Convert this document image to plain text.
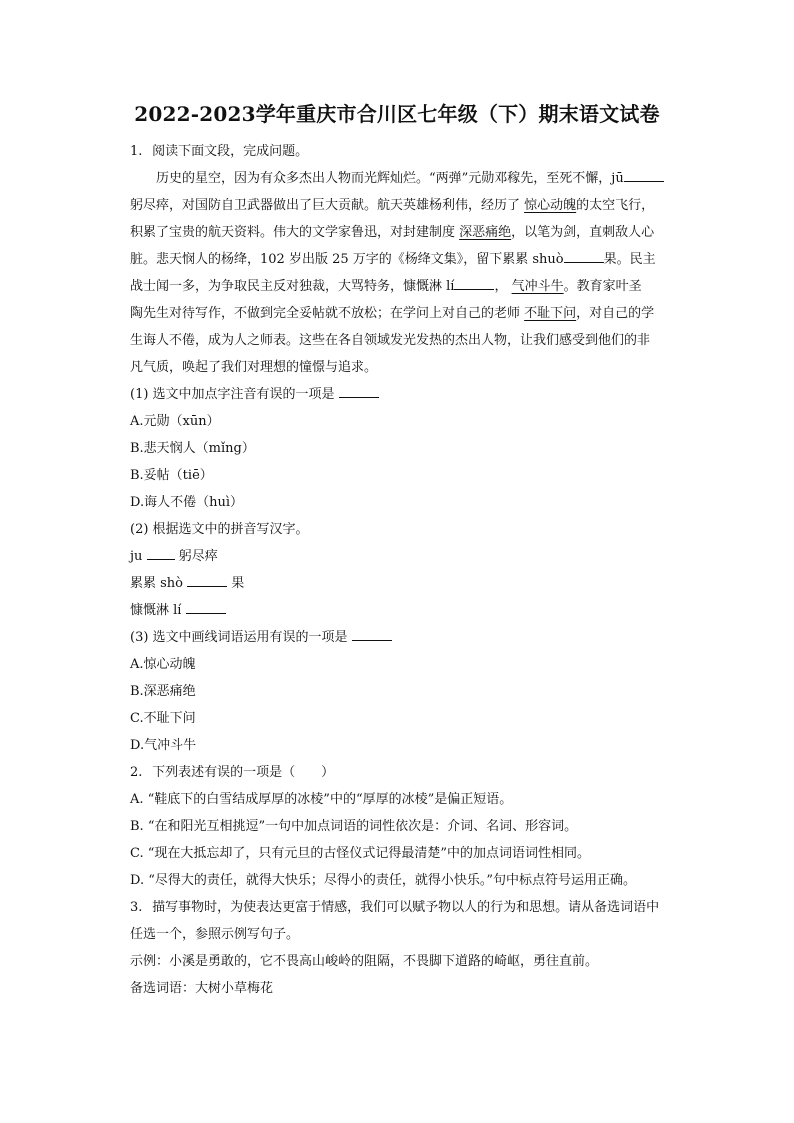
2022-2023学年重庆市合川区七年级（下）期末语文试卷
1. 阅读下面文段，完成问题。
历史的星空，因为有众多杰出人物而光辉灿烂。“两弹”元勋邓稼先，至死不懈，jū
躬尽瘁，对国防自卫武器做出了巨大贡献。航天英雄杨利伟，经历了 惊心动魄的太空飞行，
积累了宝贵的航天资料。伟大的文学家鲁迅，对封建制度 深恶痛绝，以笔为剑，直刺敌人心
脏。悲天悯人的杨绛，102 岁出版 25 万字的《杨绛文集》，留下累累 shuò	果。民主
战士闻一多，为争取民主反对独裁，大骂特务，慷慨淋 lí	， 气冲斗牛。教育家叶圣
陶先生对待写作，不做到完全妥帖就不放松；在学问上对自己的老师 不耻下问，对自己的学
生诲人不倦，成为人之师表。这些在各自领域发光发热的杰出人物，让我们感受到他们的非
凡气质，唤起了我们对理想的憧憬与追求。
(1) 选文中加点字注音有误的一项是
A.元勋（xūn）
B.悲天悯人（mǐng）
B.妥帖（tiē）
D.诲人不倦（huì）
(2) 根据选文中的拼音写汉字。
ju	躬尽瘁
累累 shò	果
慷慨淋 lí
(3) 选文中画线词语运用有误的一项是
A.惊心动魄
B.深恶痛绝
C.不耻下问
D.气冲斗牛
2. 下列表述有误的一项是（　　）
A. “鞋底下的白雪结成厚厚的冰棱”中的“厚厚的冰棱”是偏正短语。
B. “在和阳光互相挑逗”一句中加点词语的词性依次是：介词、名词、形容词。
C. “现在大抵忘却了，只有元旦的古怪仪式记得最清楚”中的加点词语词性相同。
D. “尽得大的责任，就得大快乐；尽得小的责任，就得小快乐。”句中标点符号运用正确。
3. 描写事物时，为使表达更富于情感，我们可以赋予物以人的行为和思想。请从备选词语中
任选一个，参照示例写句子。
示例：小溪是勇敢的，它不畏高山峻岭的阻隔，不畏脚下道路的崎岖，勇往直前。
备选词语：大树小草梅花
